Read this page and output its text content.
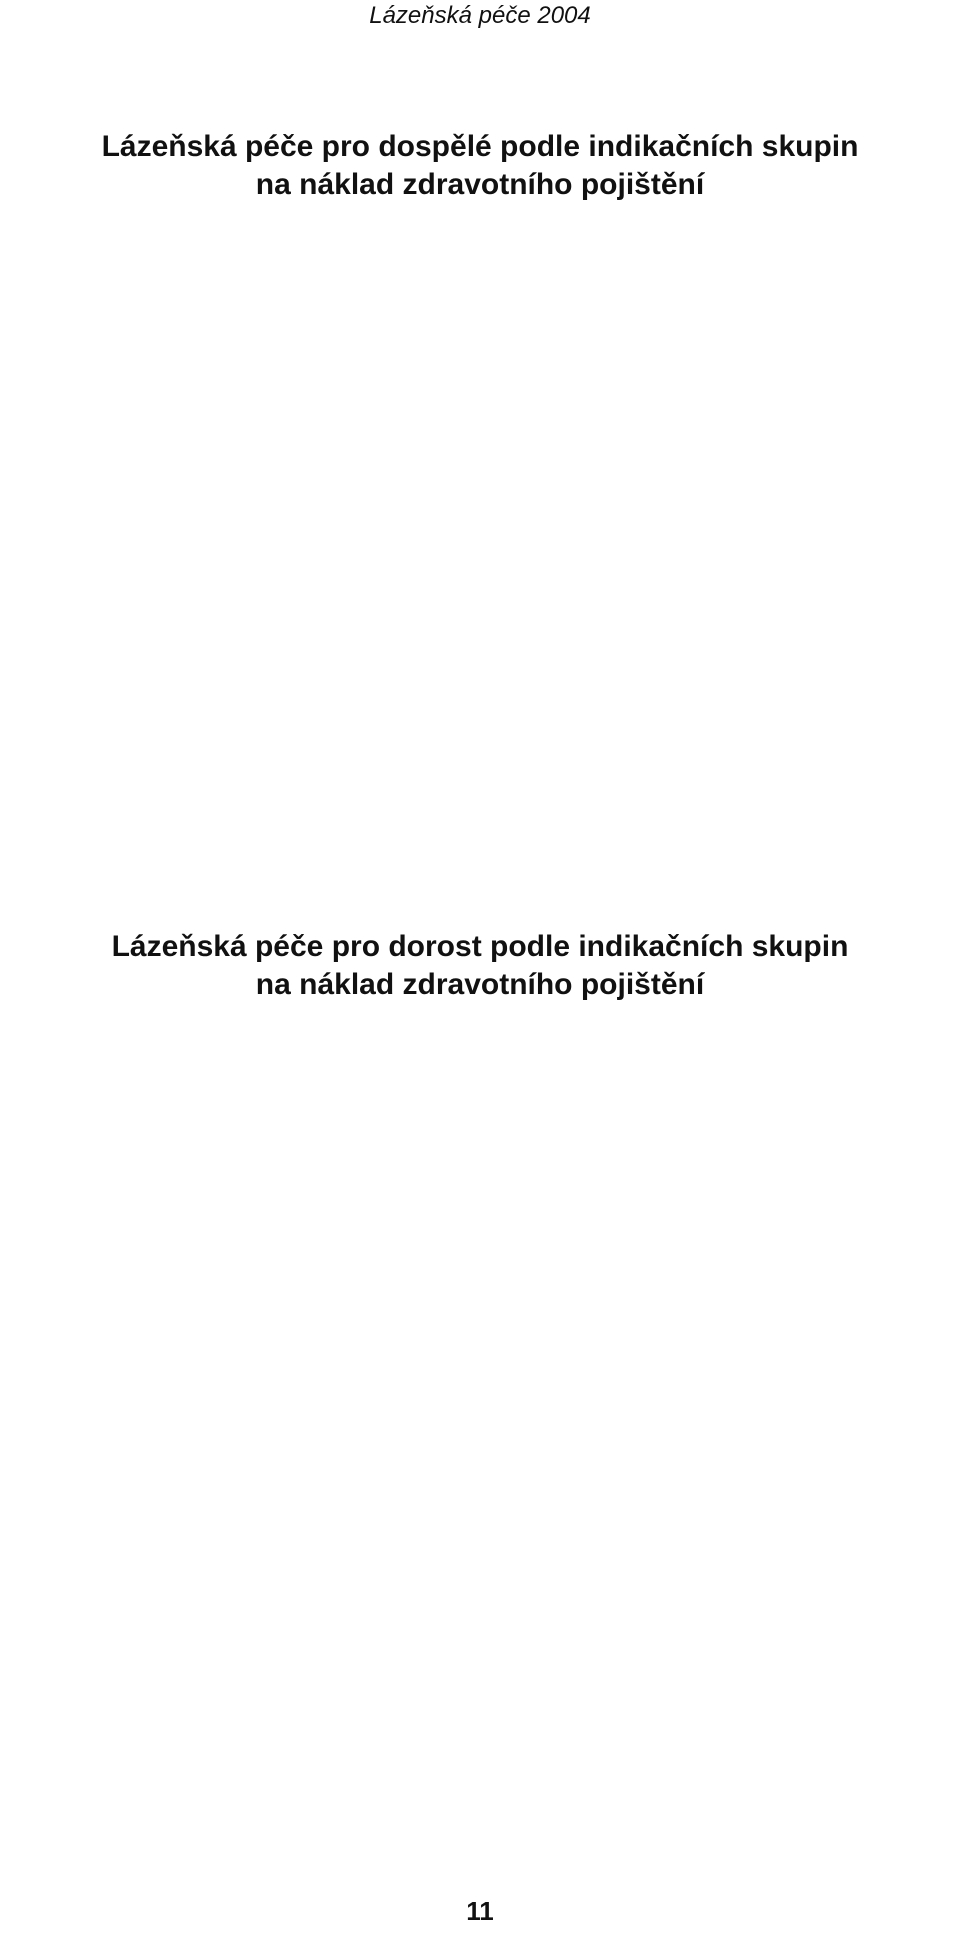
Lázeňská péče 2004
Lázeňská péče pro dospělé podle indikačních skupin
na náklad zdravotního pojištění
Lázeňská péče pro dorost podle indikačních skupin
na náklad zdravotního pojištění
11
